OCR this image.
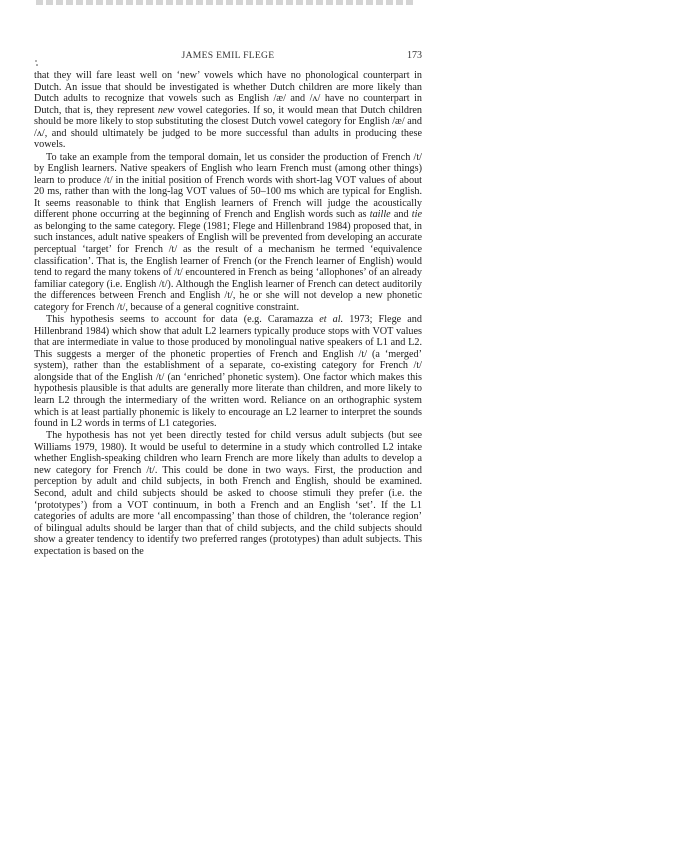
JAMES EMIL FLEGE	173

that they will fare least well on ‘new’ vowels which have no phonological counterpart in Dutch. An issue that should be investigated is whether Dutch children are more likely than Dutch adults to recognize that vowels such as English /æ/ and /ʌ/ have no counterpart in Dutch, that is, they represent new vowel categories. If so, it would mean that Dutch children should be more likely to stop substituting the closest Dutch vowel category for English /æ/ and /ʌ/, and should ultimately be judged to be more successful than adults in producing these vowels.

To take an example from the temporal domain, let us consider the production of French /t/ by English learners. Native speakers of English who learn French must (among other things) learn to produce /t/ in the initial position of French words with short-lag VOT values of about 20 ms, rather than with the long-lag VOT values of 50–100 ms which are typical for English. It seems reasonable to think that English learners of French will judge the acoustically different phone occurring at the beginning of French and English words such as taille and tie as belonging to the same category. Flege (1981; Flege and Hillenbrand 1984) proposed that, in such instances, adult native speakers of English will be prevented from developing an accurate perceptual ‘target’ for French /t/ as the result of a mechanism he termed ‘equivalence classification’. That is, the English learner of French (or the French learner of English) would tend to regard the many tokens of /t/ encountered in French as being ‘allophones’ of an already familiar category (i.e. English /t/). Although the English learner of French can detect auditorily the differences between French and English /t/, he or she will not develop a new phonetic category for French /t/, because of a general cognitive constraint.

This hypothesis seems to account for data (e.g. Caramazza et al. 1973; Flege and Hillenbrand 1984) which show that adult L2 learners typically produce stops with VOT values that are intermediate in value to those produced by monolingual native speakers of L1 and L2. This suggests a merger of the phonetic properties of French and English /t/ (a ‘merged’ system), rather than the establishment of a separate, co-existing category for French /t/ alongside that of the English /t/ (an ‘enriched’ phonetic system). One factor which makes this hypothesis plausible is that adults are generally more literate than children, and more likely to learn L2 through the intermediary of the written word. Reliance on an orthographic system which is at least partially phonemic is likely to encourage an L2 learner to interpret the sounds found in L2 words in terms of L1 categories.

The hypothesis has not yet been directly tested for child versus adult subjects (but see Williams 1979, 1980). It would be useful to determine in a study which controlled L2 intake whether English-speaking children who learn French are more likely than adults to develop a new category for French /t/. This could be done in two ways. First, the production and perception by adult and child subjects, in both French and English, should be examined. Second, adult and child subjects should be asked to choose stimuli they prefer (i.e. the ‘prototypes’) from a VOT continuum, in both a French and an English ‘set’. If the L1 categories of adults are more ‘all encompassing’ than those of children, the ‘tolerance region’ of bilingual adults should be larger than that of child subjects, and the child subjects should show a greater tendency to identify two preferred ranges (prototypes) than adult subjects. This expectation is based on the
